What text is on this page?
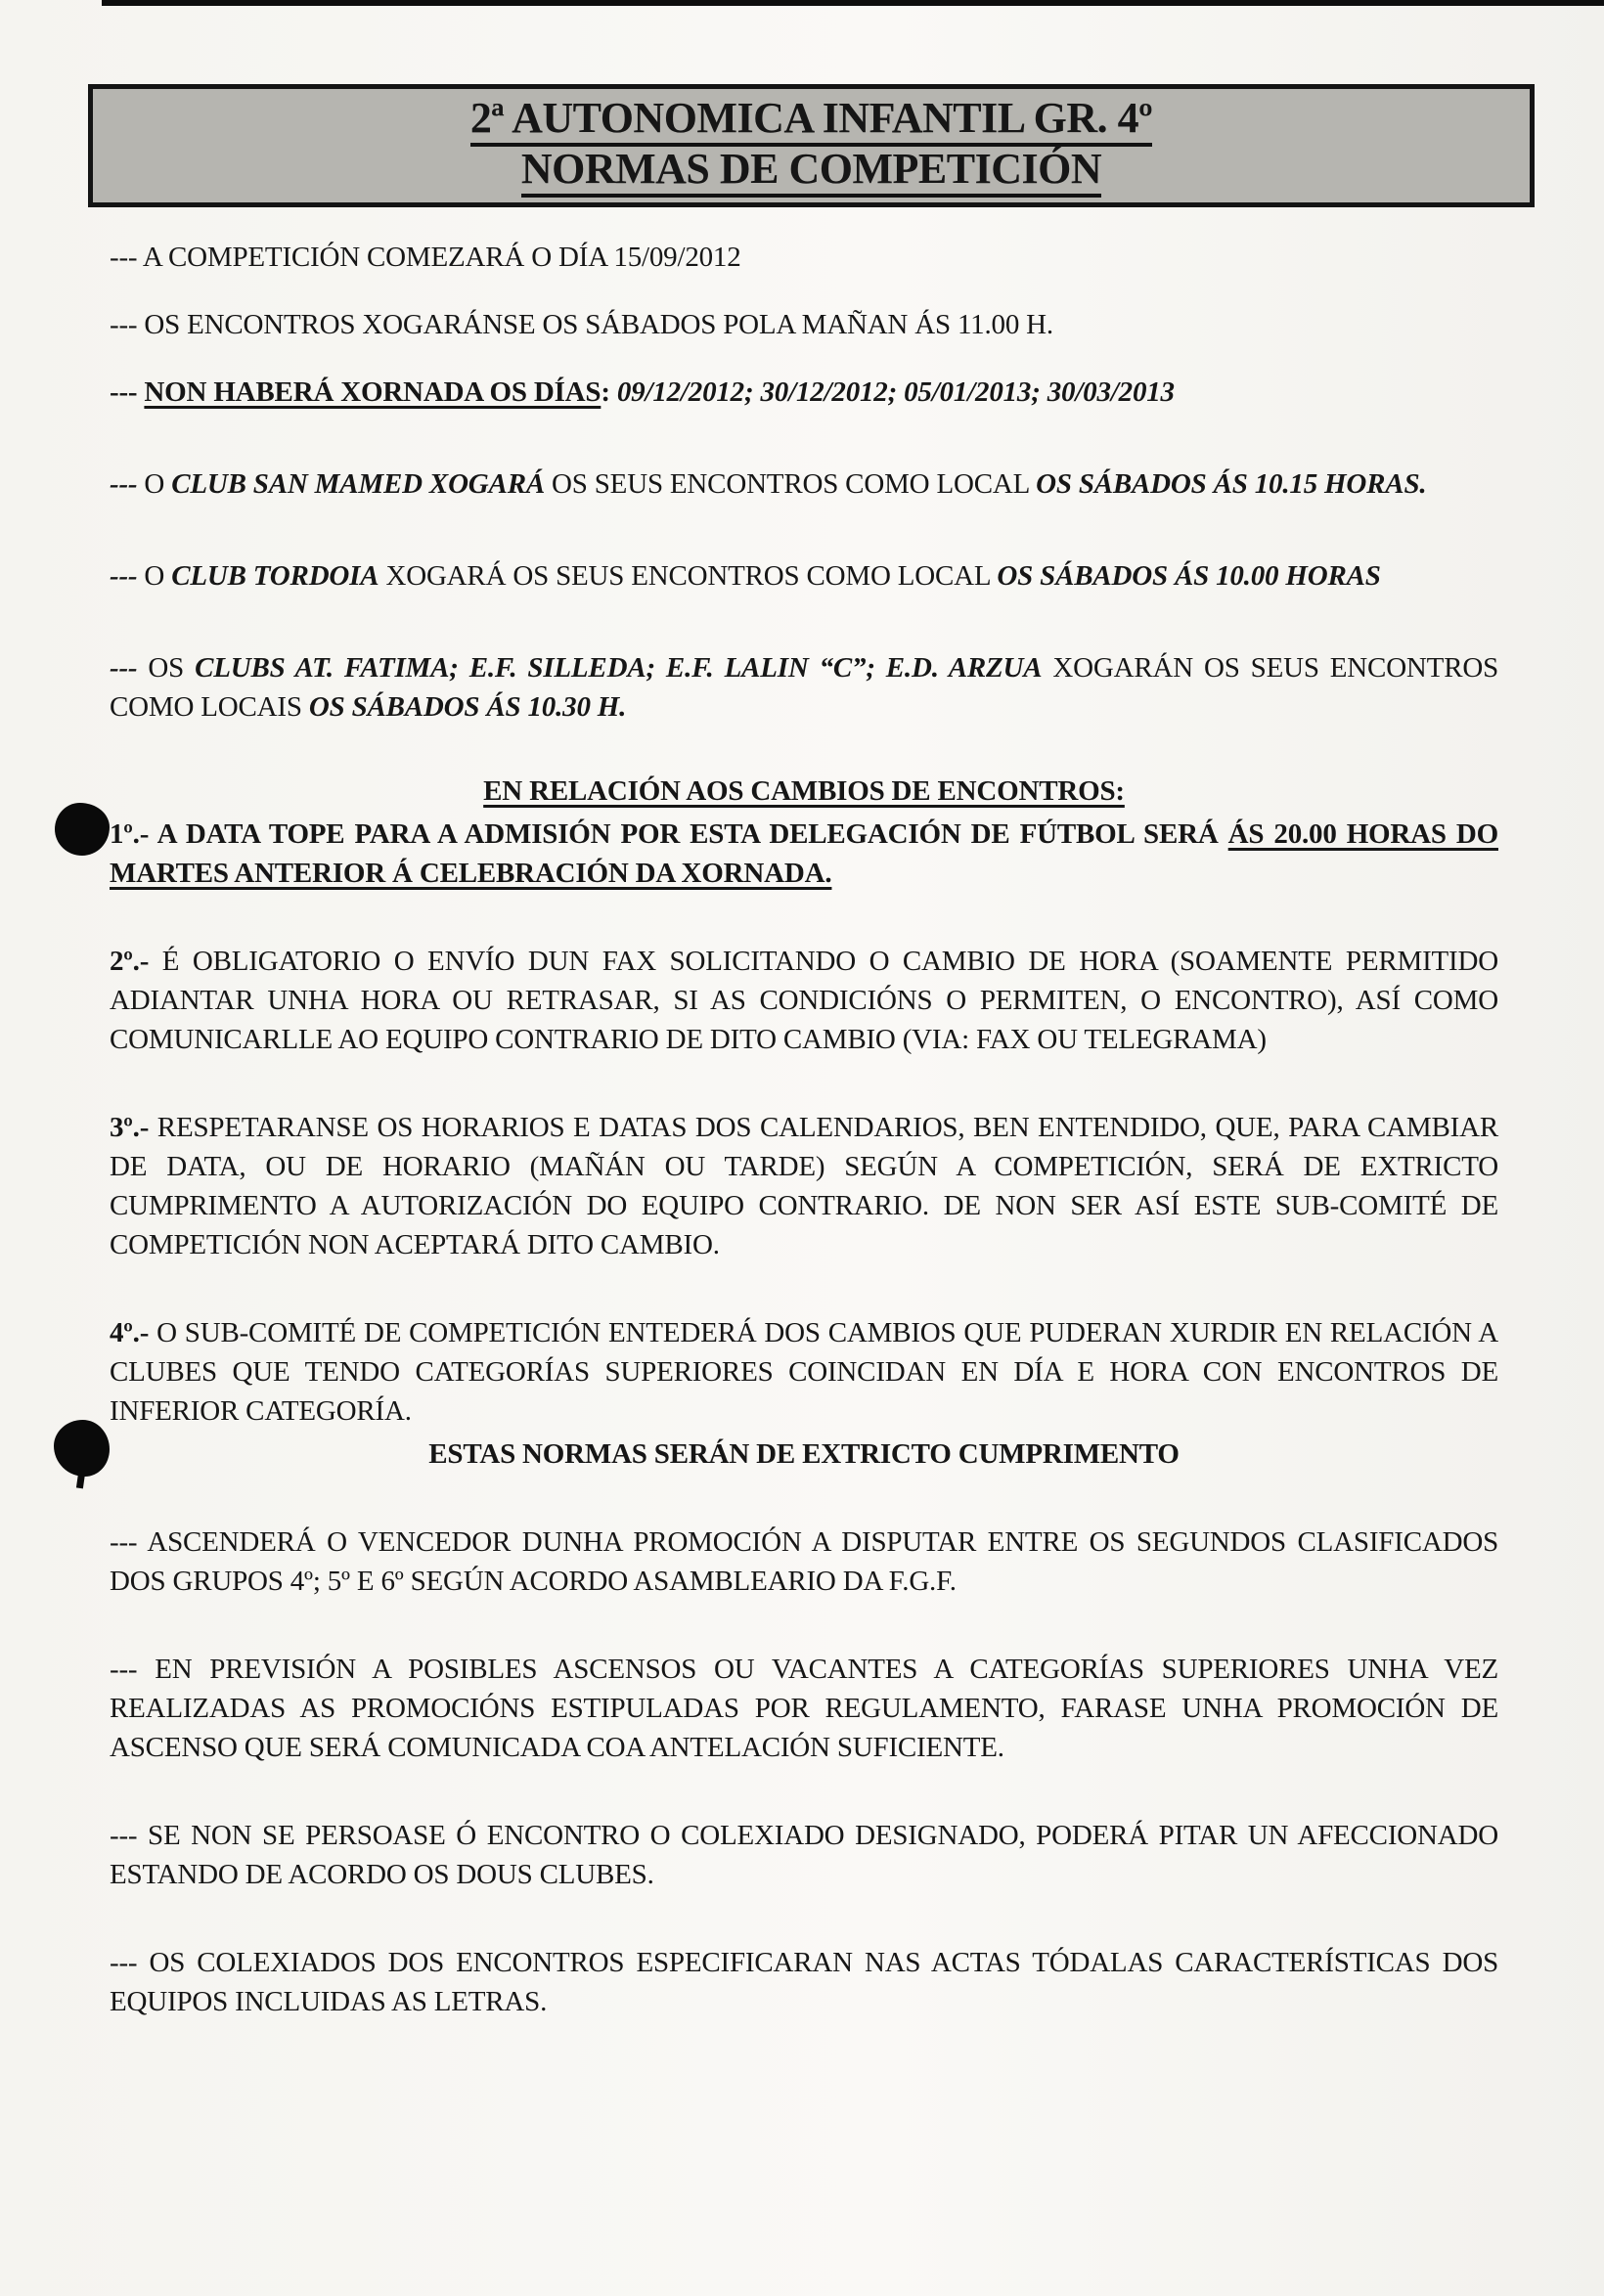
2ª AUTONOMICA INFANTIL GR. 4º
NORMAS DE COMPETICIÓN

--- A COMPETICIÓN COMEZARÁ O DÍA 15/09/2012

--- OS ENCONTROS XOGARÁNSE OS SÁBADOS POLA MAÑAN ÁS 11.00 H.

--- NON HABERÁ XORNADA OS DÍAS: 09/12/2012; 30/12/2012; 05/01/2013; 30/03/2013

--- O CLUB SAN MAMED XOGARÁ OS SEUS ENCONTROS COMO LOCAL OS SÁBADOS ÁS 10.15 HORAS.

--- O CLUB TORDOIA XOGARÁ OS SEUS ENCONTROS COMO LOCAL OS SÁBADOS ÁS 10.00 HORAS

--- OS CLUBS AT. FATIMA; E.F. SILLEDA; E.F. LALIN “C”; E.D. ARZUA XOGARÁN OS SEUS ENCONTROS COMO LOCAIS OS SÁBADOS ÁS 10.30 H.

EN RELACIÓN AOS CAMBIOS DE ENCONTROS:

1º.- A DATA TOPE PARA A ADMISIÓN POR ESTA DELEGACIÓN DE FÚTBOL SERÁ ÁS 20.00 HORAS DO MARTES ANTERIOR Á CELEBRACIÓN DA XORNADA.

2º.- É OBLIGATORIO O ENVÍO DUN FAX SOLICITANDO O CAMBIO DE HORA (SOAMENTE PERMITIDO ADIANTAR UNHA HORA OU RETRASAR, SI AS CONDICIÓNS O PERMITEN, O ENCONTRO), ASÍ COMO COMUNICARLLE AO EQUIPO CONTRARIO DE DITO CAMBIO (VIA: FAX OU TELEGRAMA)

3º.- RESPETARANSE OS HORARIOS E DATAS DOS CALENDARIOS, BEN ENTENDIDO, QUE, PARA CAMBIAR DE DATA, OU DE HORARIO (MAÑÁN OU TARDE) SEGÚN A COMPETICIÓN, SERÁ DE EXTRICTO CUMPRIMENTO A AUTORIZACIÓN DO EQUIPO CONTRARIO. DE NON SER ASÍ ESTE SUB-COMITÉ DE COMPETICIÓN NON ACEPTARÁ DITO CAMBIO.

4º.- O SUB-COMITÉ DE COMPETICIÓN ENTEDERÁ DOS CAMBIOS QUE PUDERAN XURDIR EN RELACIÓN A CLUBES QUE TENDO CATEGORÍAS SUPERIORES COINCIDAN EN DÍA E HORA CON ENCONTROS DE INFERIOR CATEGORÍA.

ESTAS NORMAS SERÁN DE EXTRICTO CUMPRIMENTO

--- ASCENDERÁ O VENCEDOR DUNHA PROMOCIÓN A DISPUTAR ENTRE OS SEGUNDOS CLASIFICADOS DOS GRUPOS 4º; 5º E 6º SEGÚN ACORDO ASAMBLEARIO DA F.G.F.

--- EN PREVISIÓN A POSIBLES ASCENSOS OU VACANTES A CATEGORÍAS SUPERIORES UNHA VEZ REALIZADAS AS PROMOCIÓNS ESTIPULADAS POR REGULAMENTO, FARASE UNHA PROMOCIÓN DE ASCENSO QUE SERÁ COMUNICADA COA ANTELACIÓN SUFICIENTE.

--- SE NON SE PERSOASE Ó ENCONTRO O COLEXIADO DESIGNADO, PODERÁ PITAR UN AFECCIONADO ESTANDO DE ACORDO OS DOUS CLUBES.

--- OS COLEXIADOS DOS ENCONTROS ESPECIFICARAN NAS ACTAS TÓDALAS CARACTERÍSTICAS DOS EQUIPOS INCLUIDAS AS LETRAS.
